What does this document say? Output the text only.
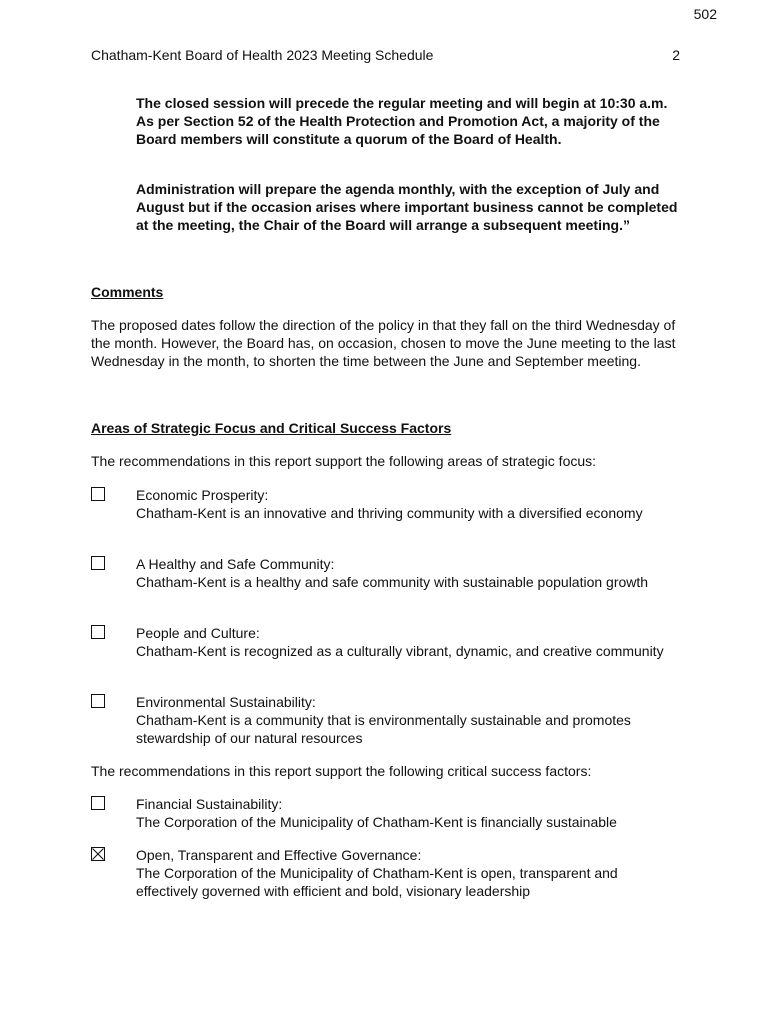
502
Chatham-Kent Board of Health 2023 Meeting Schedule	2
The closed session will precede the regular meeting and will begin at 10:30 a.m. As per Section 52 of the Health Protection and Promotion Act, a majority of the Board members will constitute a quorum of the Board of Health.
Administration will prepare the agenda monthly, with the exception of July and August but if the occasion arises where important business cannot be completed at the meeting, the Chair of the Board will arrange a subsequent meeting.”
Comments
The proposed dates follow the direction of the policy in that they fall on the third Wednesday of the month. However, the Board has, on occasion, chosen to move the June meeting to the last Wednesday in the month, to shorten the time between the June and September meeting.
Areas of Strategic Focus and Critical Success Factors
The recommendations in this report support the following areas of strategic focus:
Economic Prosperity:
Chatham-Kent is an innovative and thriving community with a diversified economy
A Healthy and Safe Community:
Chatham-Kent is a healthy and safe community with sustainable population growth
People and Culture:
Chatham-Kent is recognized as a culturally vibrant, dynamic, and creative community
Environmental Sustainability:
Chatham-Kent is a community that is environmentally sustainable and promotes stewardship of our natural resources
The recommendations in this report support the following critical success factors:
Financial Sustainability:
The Corporation of the Municipality of Chatham-Kent is financially sustainable
Open, Transparent and Effective Governance:
The Corporation of the Municipality of Chatham-Kent is open, transparent and effectively governed with efficient and bold, visionary leadership
